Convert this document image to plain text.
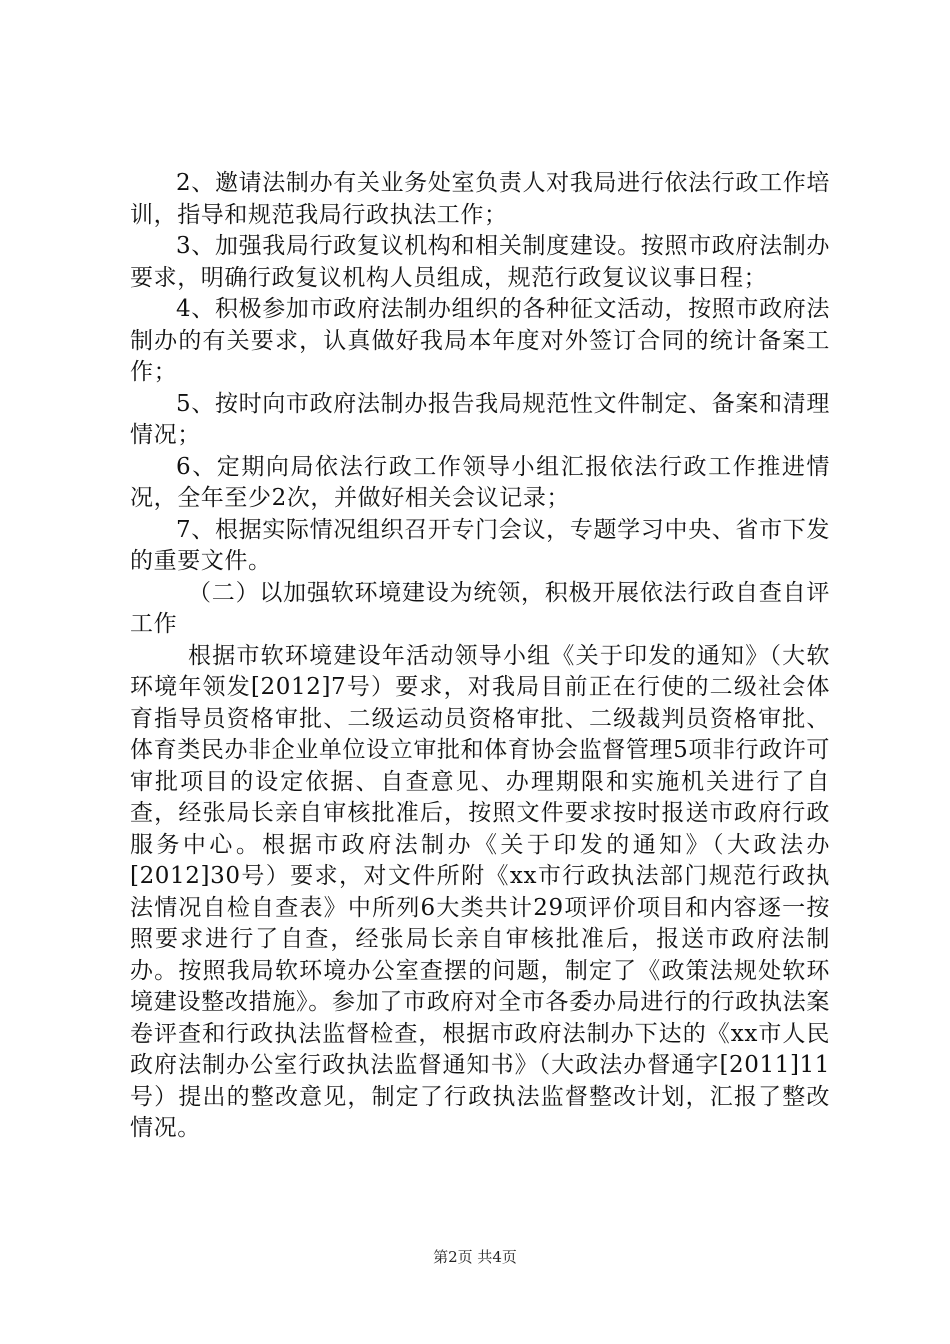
2、邀请法制办有关业务处室负责人对我局进行依法行政工作培训，指导和规范我局行政执法工作；

3、加强我局行政复议机构和相关制度建设。按照市政府法制办要求，明确行政复议机构人员组成，规范行政复议议事日程；

4、积极参加市政府法制办组织的各种征文活动，按照市政府法制办的有关要求，认真做好我局本年度对外签订合同的统计备案工作；

5、按时向市政府法制办报告我局规范性文件制定、备案和清理情况；

6、定期向局依法行政工作领导小组汇报依法行政工作推进情况，全年至少2次，并做好相关会议记录；

7、根据实际情况组织召开专门会议，专题学习中央、省市下发的重要文件。

（二）以加强软环境建设为统领，积极开展依法行政自查自评工作

根据市软环境建设年活动领导小组《关于印发的通知》（大软环境年领发[2012]7号）要求，对我局目前正在行使的二级社会体育指导员资格审批、二级运动员资格审批、二级裁判员资格审批、体育类民办非企业单位设立审批和体育协会监督管理5项非行政许可审批项目的设定依据、自查意见、办理期限和实施机关进行了自查，经张局长亲自审核批准后，按照文件要求按时报送市政府行政服务中心。根据市政府法制办《关于印发的通知》（大政法办[2012]30号）要求，对文件所附《xx市行政执法部门规范行政执法情况自检自查表》中所列6大类共计29项评价项目和内容逐一按照要求进行了自查，经张局长亲自审核批准后，报送市政府法制办。按照我局软环境办公室查摆的问题，制定了《政策法规处软环境建设整改措施》。参加了市政府对全市各委办局进行的行政执法案卷评查和行政执法监督检查，根据市政府法制办下达的《xx市人民政府法制办公室行政执法监督通知书》（大政法办督通字[2011]11号）提出的整改意见，制定了行政执法监督整改计划，汇报了整改情况。

第2页 共4页
